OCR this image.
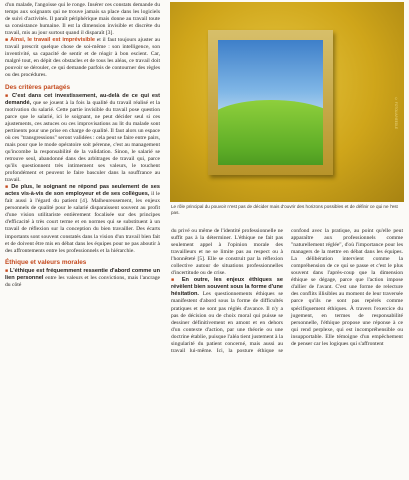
d'un malade, l'angoisse qui le ronge. Insérer ces constats demande du temps aux soignants qui ne trouve jamais sa place dans les logiciels de suivi d'activités. Il paraît périphérique mais donne au travail toute sa consistance humaine. Il est la dimension invisible et discrète du travail, mis au jour surtout quand il disparaît [3].

■ Ainsi, le travail est imprévisible et il faut toujours ajuster au travail prescrit quelque chose de soi-même : son intelligence, son inventivité, sa capacité de sentir et de réagir à bon escient. Car, malgré tout, en dépit des obstacles et de tous les aléas, ce travail doit pouvoir se dérouler, ce qui demande parfois de contourner des règles ou des procédures.

Des critères partagés

■ C'est dans cet investissement, au-delà de ce qui est demandé, que se jouent à la fois la qualité du travail réalisé et la motivation du salarié. Cette partie invisible du travail pose question parce que le salarié, ici le soignant, ne peut décider seul si ces ajustements, ces astuces ou ces improvisations au lit du malade sont pertinents pour une prise en charge de qualité. Il faut alors un espace où ces "transgressions" seront validées : cela peut se faire entre pairs, mais pour que le mode opératoire soit pérenne, c'est au management qu'incombe la responsabilité de la validation. Sinon, le salarié se retrouve seul, abandonné dans des arbitrages de travail qui, parce qu'ils questionnent très intimement ses valeurs, le touchent profondément et peuvent le faire basculer dans la souffrance au travail.

■ De plus, le soignant ne répond pas seulement de ses actes vis-à-vis de son employeur et de ses collègues, il le fait aussi à l'égard du patient [4]. Malheureusement, les enjeux personnels de qualité pour le salarié disparaissent souvent au profit d'une vision utilitariste entièrement focalisée sur des principes d'efficacité à très court terme et en normes qui se substituent à un travail de réflexion sur la conception du bien travailler. Des écarts importants sont souvent constatés dans la vision d'un travail bien fait et de doivent être mis en débat dans les équipes pour ne pas aboutir à des affrontements entre les professionnels et la hiérarchie.

Éthique et valeurs morales

■ L'éthique est fréquemment ressentie d'abord comme un lien personnel entre les valeurs et les convictions, mais l'ancrage du côté

© FOTOLIA/NEEDLE
Le rôle principal du pouvoir n'est pas de décider mais d'ouvrir des horizons possibles et de définir ce qui ne l'est pas.

du privé ou même de l'identité professionnelle ne suffit pas à la déterminer. L'éthique ne fait pas seulement appel à l'opinion morale des travailleurs et ne se limite pas au respect ou à l'honnêteté [5]. Elle se construit par la réflexion collective autour de situations professionnelles d'incertitude ou de crise.

■ En outre, les enjeux éthiques se révèlent bien souvent sous la forme d'une hésitation. Les questionnements éthiques se manifestent d'abord sous la forme de difficultés pratiques et ne sont pas réglés d'avance. Il n'y a pas de décision ou de choix moral qui puisse se dessiner définitivement en amont et en dehors d'un contexte d'action, par une théorie ou une doctrine établie, puisque l'aléa tient justement à la singularité du patient concerné, mais aussi au travail lui-même. Ici, la posture éthique se confond avec la pratique, au point qu'elle peut apparaître aux professionnels comme "naturellement réglée", d'où l'importance pour les managers de la mettre en débat dans les équipes. La délibération intervient comme la compréhension de ce qui se passe et c'est le plus souvent dans l'après-coup que la dimension éthique se dégage, parce que l'action impose d'allier de l'avant. C'est une forme de relecture des conflits illisibles au moment de leur traversée parce qu'ils ne sont pas repérés comme spécifiquement éthiques. À travers l'exercice du jugement, en termes de responsabilité personnelle, l'éthique propose une réponse à ce qui rend perplexe, qui est incompréhensible ou insupportable. Elle témoigne d'un empêchement de penser car les logiques qui s'affrontent
